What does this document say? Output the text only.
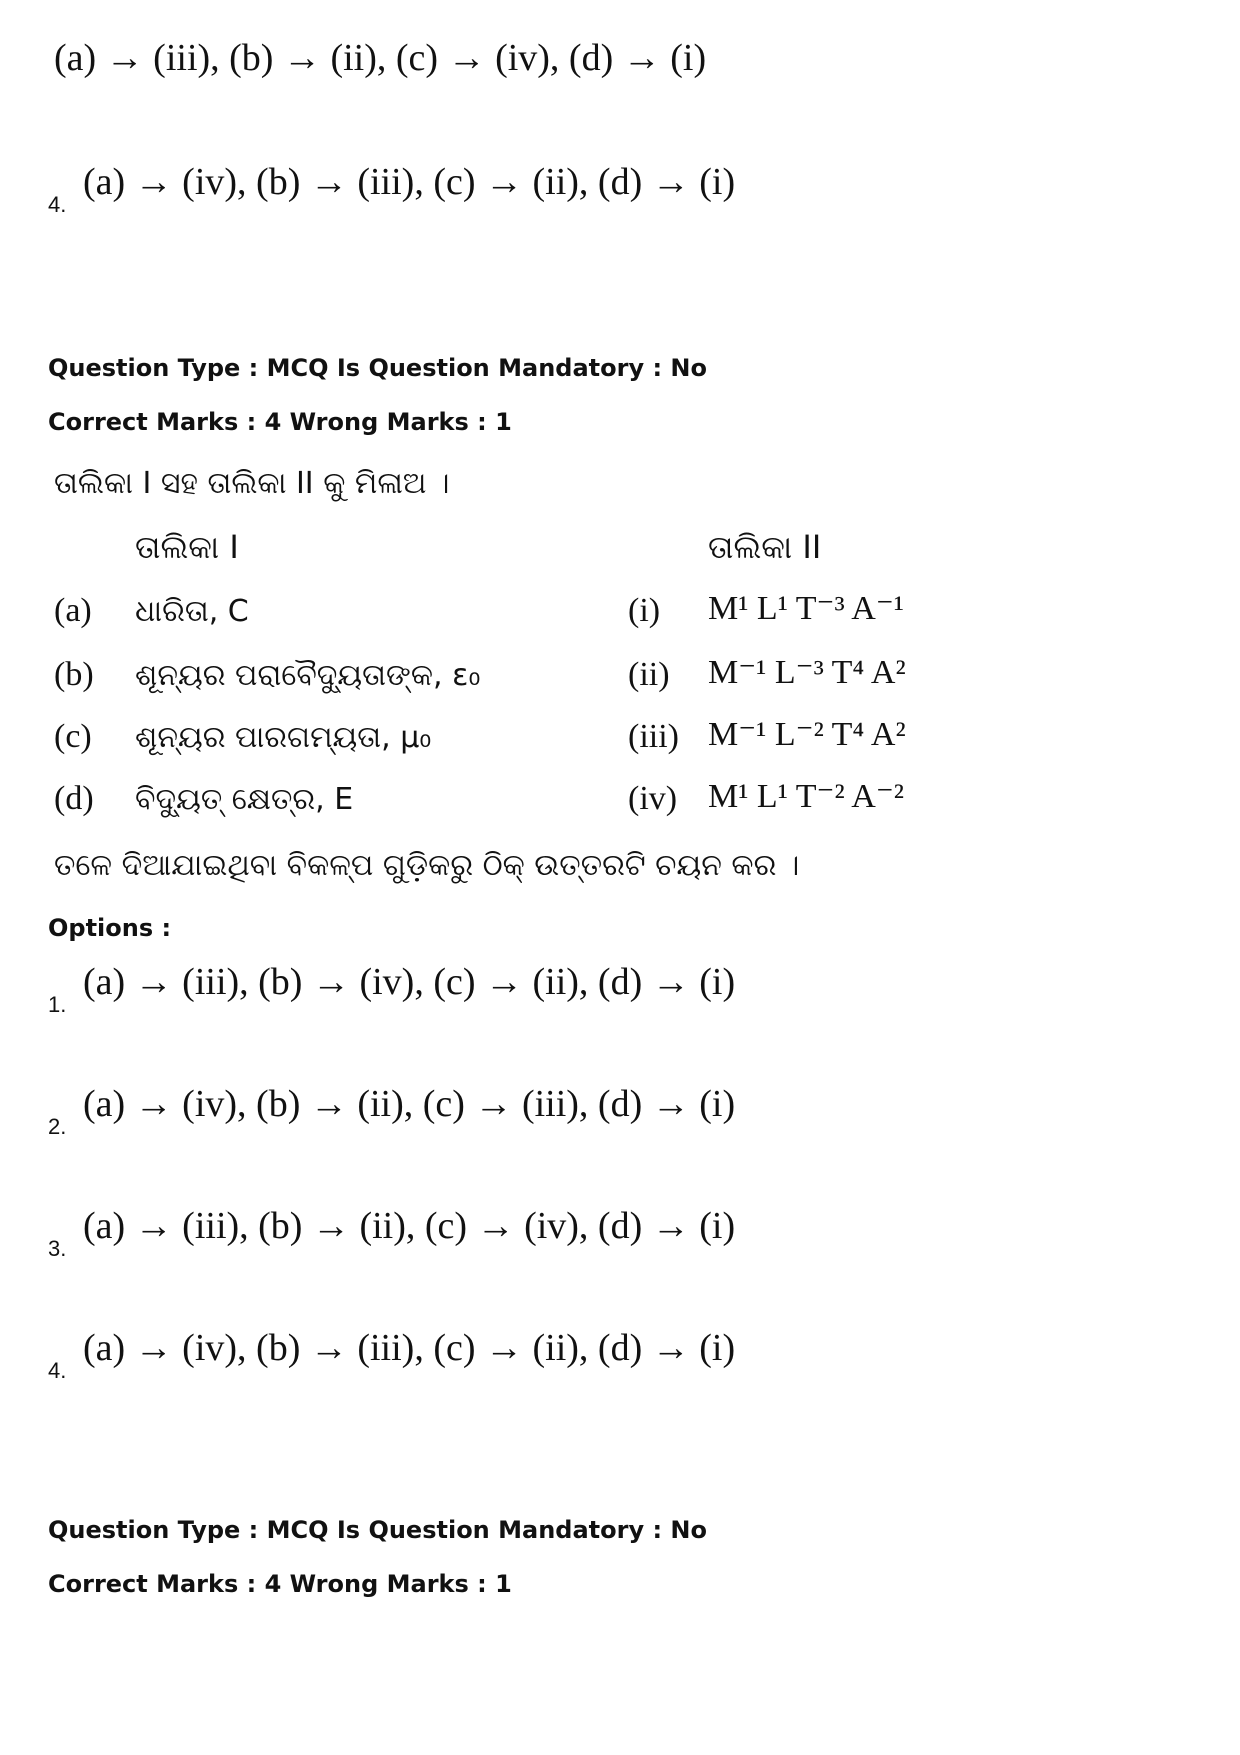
(a) → (iii), (b) → (ii), (c) → (iv), (d) → (i)
4.
(a) → (iv), (b) → (iii), (c) → (ii), (d) → (i)
Question Type : MCQ Is Question Mandatory : No
Correct Marks : 4 Wrong Marks : 1
ତାଲିକା I ସହ ତାଲିକା II କୁ ମିଳାଅ ।
ତାଲିକା I	ତାଲିକା II
(a) ଧାରିତା, C	(i) M¹ L¹ T⁻³ A⁻¹
(b) ଶୂନ୍ୟର ପରାବୈଦ୍ୟୁତାଙ୍କ, ε₀	(ii) M⁻¹ L⁻³ T⁴ A²
(c) ଶୂନ୍ୟର ପାରଗମ୍ୟତା, μ₀	(iii) M⁻¹ L⁻² T⁴ A²
(d) ବିଦ୍ୟୁତ୍ କ୍ଷେତ୍ର, E	(iv) M¹ L¹ T⁻² A⁻²
ତଳେ ଦିଆଯାଇଥିବା ବିକଳ୍ପ ଗୁଡ଼ିକରୁ ଠିକ୍ ଉତ୍ତରଟି ଚୟନ କର ।
Options :
1.
(a) → (iii), (b) → (iv), (c) → (ii), (d) → (i)
2.
(a) → (iv), (b) → (ii), (c) → (iii), (d) → (i)
3.
(a) → (iii), (b) → (ii), (c) → (iv), (d) → (i)
4.
(a) → (iv), (b) → (iii), (c) → (ii), (d) → (i)
Question Type : MCQ Is Question Mandatory : No
Correct Marks : 4 Wrong Marks : 1
